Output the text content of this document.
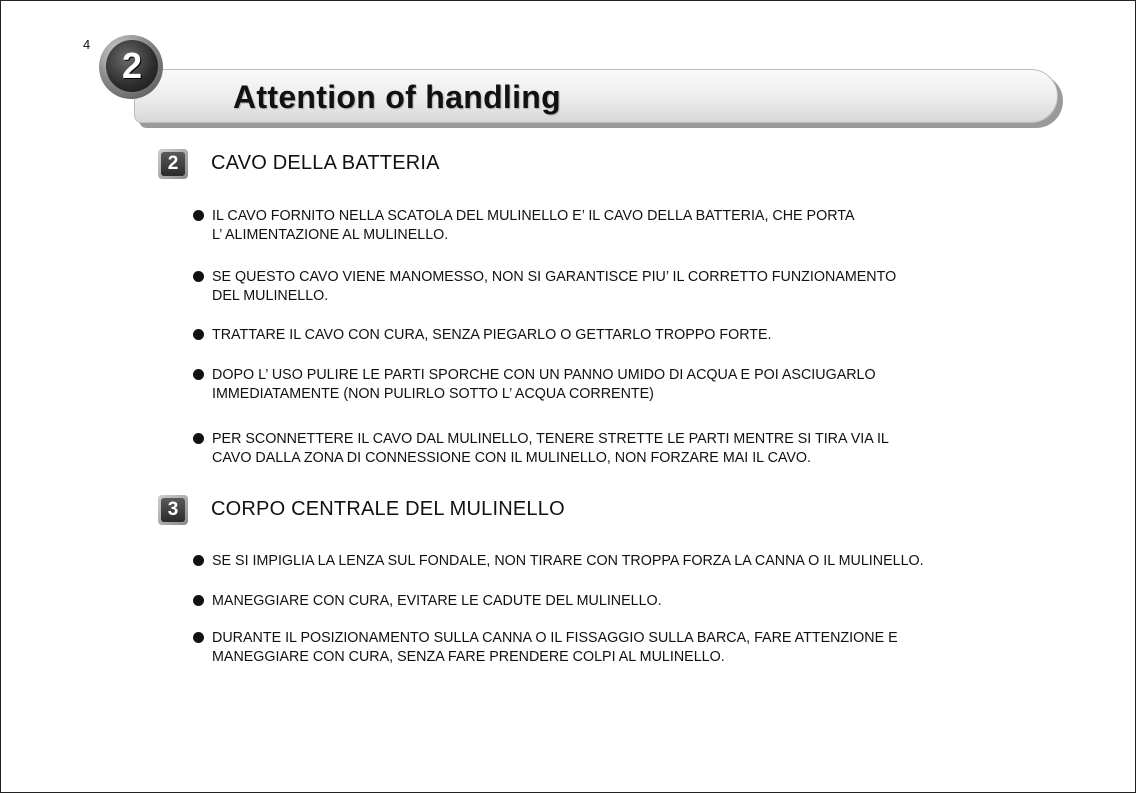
4
2
Attention of handling
2	CAVO DELLA BATTERIA
IL CAVO FORNITO NELLA SCATOLA DEL MULINELLO E’ IL CAVO DELLA BATTERIA, CHE PORTA
L’ ALIMENTAZIONE AL MULINELLO.
SE QUESTO CAVO VIENE MANOMESSO, NON SI GARANTISCE PIU’ IL CORRETTO FUNZIONAMENTO
DEL MULINELLO.
TRATTARE IL CAVO CON CURA, SENZA PIEGARLO O GETTARLO TROPPO FORTE.
DOPO L’ USO PULIRE LE PARTI SPORCHE CON UN PANNO UMIDO DI ACQUA E POI ASCIUGARLO
IMMEDIATAMENTE (NON PULIRLO SOTTO L’ ACQUA CORRENTE)
PER SCONNETTERE IL CAVO DAL MULINELLO, TENERE STRETTE LE PARTI MENTRE SI TIRA VIA IL
CAVO DALLA ZONA DI CONNESSIONE CON IL MULINELLO, NON FORZARE MAI IL CAVO.
3	CORPO CENTRALE DEL MULINELLO
SE SI IMPIGLIA LA LENZA SUL FONDALE, NON TIRARE CON TROPPA FORZA LA CANNA O IL MULINELLO.
MANEGGIARE CON CURA, EVITARE LE CADUTE DEL MULINELLO.
DURANTE IL POSIZIONAMENTO SULLA CANNA O IL FISSAGGIO SULLA BARCA, FARE ATTENZIONE E
MANEGGIARE CON CURA, SENZA FARE PRENDERE COLPI AL MULINELLO.
